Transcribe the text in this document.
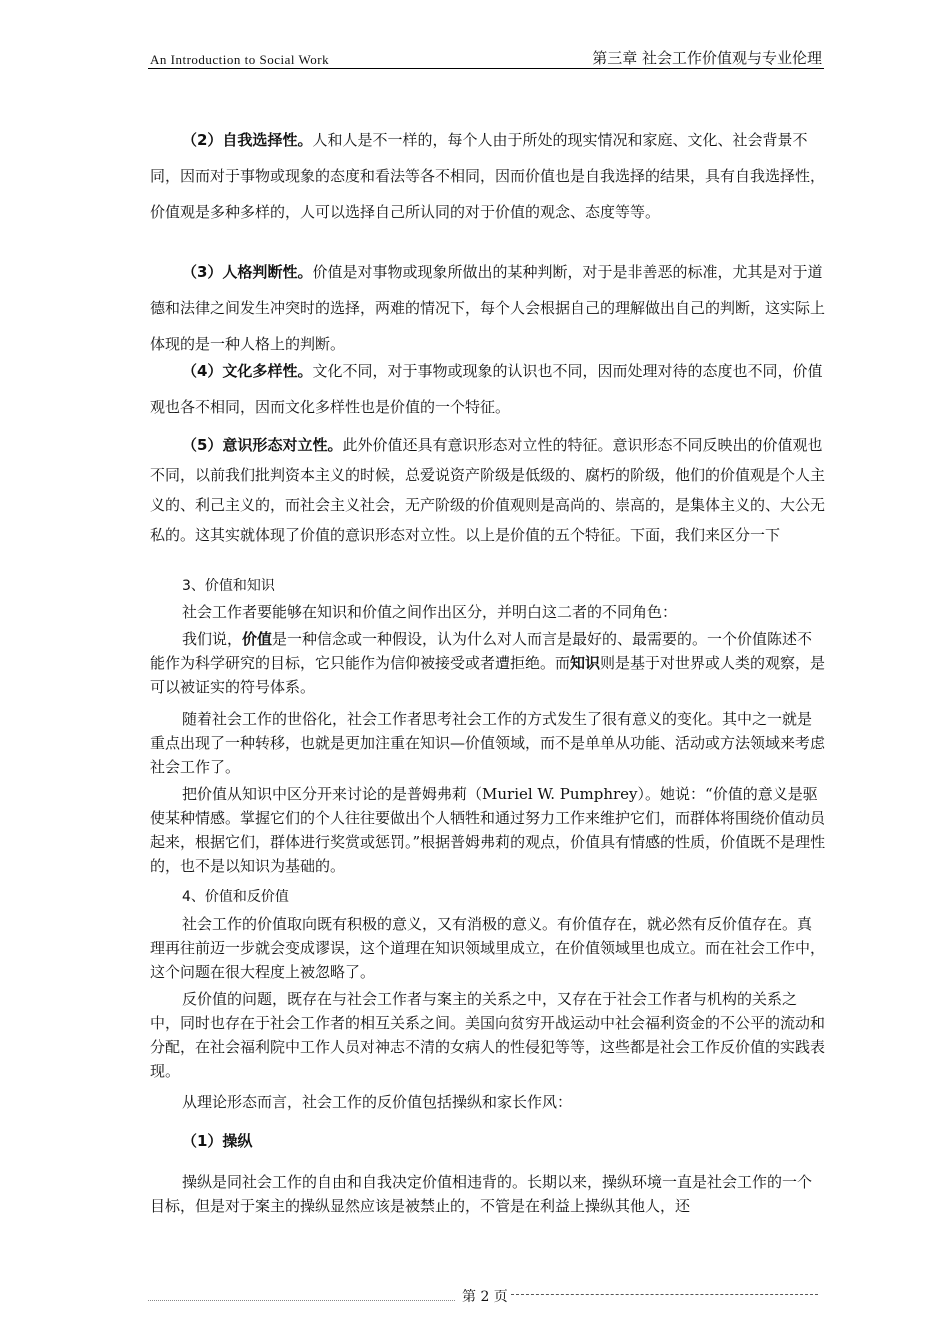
An Introduction to Social Work	第三章 社会工作价值观与专业伦理

（2）自我选择性。人和人是不一样的，每个人由于所处的现实情况和家庭、文化、社会背景不同，因而对于事物或现象的态度和看法等各不相同，因而价值也是自我选择的结果，具有自我选择性，价值观是多种多样的，人可以选择自己所认同的对于价值的观念、态度等等。

（3）人格判断性。价值是对事物或现象所做出的某种判断，对于是非善恶的标准，尤其是对于道德和法律之间发生冲突时的选择，两难的情况下，每个人会根据自己的理解做出自己的判断，这实际上体现的是一种人格上的判断。

（4）文化多样性。文化不同，对于事物或现象的认识也不同，因而处理对待的态度也不同，价值观也各不相同，因而文化多样性也是价值的一个特征。

（5）意识形态对立性。此外价值还具有意识形态对立性的特征。意识形态不同反映出的价值观也不同，以前我们批判资本主义的时候，总爱说资产阶级是低级的、腐朽的阶级，他们的价值观是个人主义的、利己主义的，而社会主义社会，无产阶级的价值观则是高尚的、崇高的，是集体主义的、大公无私的。这其实就体现了价值的意识形态对立性。以上是价值的五个特征。下面，我们来区分一下

3、价值和知识

社会工作者要能够在知识和价值之间作出区分，并明白这二者的不同角色：

我们说，价值是一种信念或一种假设，认为什么对人而言是最好的、最需要的。一个价值陈述不能作为科学研究的目标，它只能作为信仰被接受或者遭拒绝。而知识则是基于对世界或人类的观察，是可以被证实的符号体系。

随着社会工作的世俗化，社会工作者思考社会工作的方式发生了很有意义的变化。其中之一就是重点出现了一种转移，也就是更加注重在知识—价值领域，而不是单单从功能、活动或方法领域来考虑社会工作了。

把价值从知识中区分开来讨论的是普姆弗莉（Muriel W. Pumphrey）。她说：“价值的意义是驱使某种情感。掌握它们的个人往往要做出个人牺牲和通过努力工作来维护它们，而群体将围绕价值动员起来，根据它们，群体进行奖赏或惩罚。”根据普姆弗莉的观点，价值具有情感的性质，价值既不是理性的，也不是以知识为基础的。

4、价值和反价值

社会工作的价值取向既有积极的意义，又有消极的意义。有价值存在，就必然有反价值存在。真理再往前迈一步就会变成谬误，这个道理在知识领域里成立，在价值领域里也成立。而在社会工作中，这个问题在很大程度上被忽略了。

反价值的问题，既存在与社会工作者与案主的关系之中，又存在于社会工作者与机构的关系之中，同时也存在于社会工作者的相互关系之间。美国向贫穷开战运动中社会福利资金的不公平的流动和分配，在社会福利院中工作人员对神志不清的女病人的性侵犯等等，这些都是社会工作反价值的实践表现。

从理论形态而言，社会工作的反价值包括操纵和家长作风：

（1）操纵

操纵是同社会工作的自由和自我决定价值相违背的。长期以来，操纵环境一直是社会工作的一个目标，但是对于案主的操纵显然应该是被禁止的，不管是在利益上操纵其他人，还

第 2 页
